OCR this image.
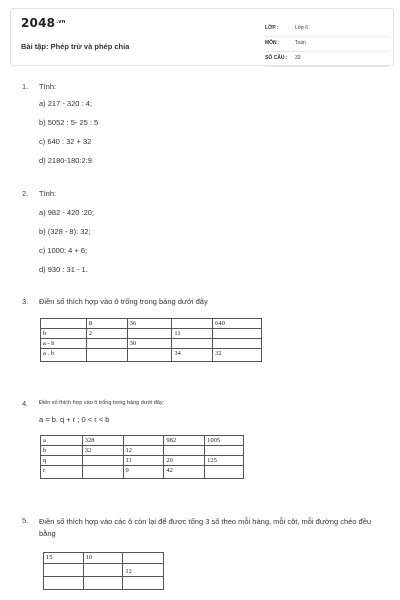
$2048^{.vn}$
Bài tập: Phép trừ và phép chia
LỚP :	Lớp 6
MÔN :	Toán
SỐ CÂU : 33
1. Tính:
a) 217 - 320 : 4;
b) 5052 : 5- 25 : 5
c) 640 : 32 + 32
d) 2180-180:2:9.
2. Tính:
a) 982 - 420 :20;
b) (328 - 8): 32;
c) 1000: 4 + 6;
d) 930 : 31 - 1.
3. Điền số thích hợp vào ô trống trong bảng dưới đây
	8	36		640
b	2		11	
a - b		30		
a . b			34	32
4. Điền số thích hợp vào ô trống trong bảng dưới đây:
a = b. q + r ; 0 < r < b
a	328		982	1005
b	32	12		
q		11	20	125
r		9	42	
5. Điền số thích hợp vào các ô còn lại để được tổng 3 số theo mỗi hàng, mỗi cột, mỗi đường chéo đều bằng
15	10	
		12
